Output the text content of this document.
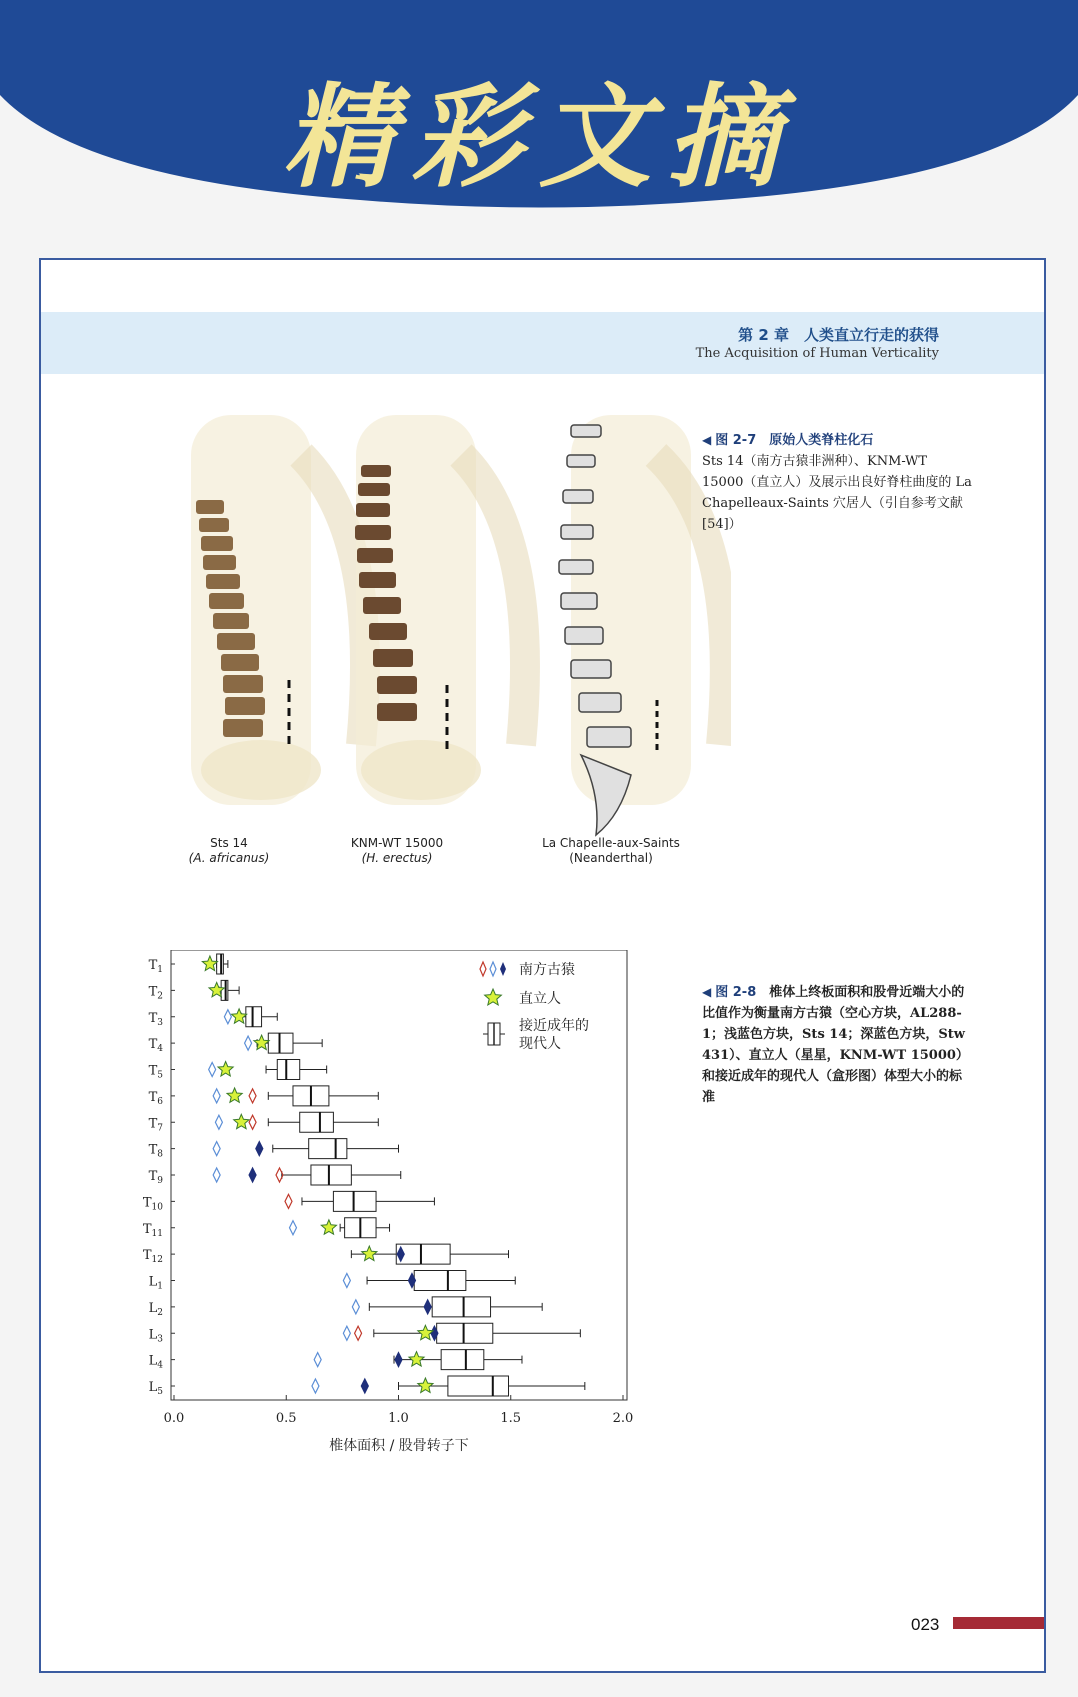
精彩文摘
第 2 章　人类直立行走的获得
The Acquisition of Human Verticality
Sts 14
(A. africanus)
KNM-WT 15000
(H. erectus)
La Chapelle-aux-Saints
(Neanderthal)
◀ 图 2-7　 原始人类脊柱化石
Sts 14（南方古猿非洲种）、KNM-WT 15000（直立人）及展示出良好脊柱曲度的 La Chapelleaux-Saints 穴居人（引自参考文献 [54]）
$T_1$
$T_2$
$T_3$
$T_4$
$T_5$
$T_6$
$T_7$
$T_8$
$T_9$
$T_{10}$
$T_{11}$
$T_{12}$
$L_1$
$L_2$
$L_3$
$L_4$
$L_5$
0.0	0.5	1.0	1.5	2.0
椎体面积 / 股骨转子下
南方古猿
直立人
接近成年的现代人
◀ 图 2-8　 椎体上终板面积和股骨近端大小的比值作为衡量南方古猿（空心方块，AL288-1；浅蓝色方块，Sts 14；深蓝色方块，Stw 431）、直立人（星星，KNM-WT 15000）和接近成年的现代人（盒形图）体型大小的标准
023
